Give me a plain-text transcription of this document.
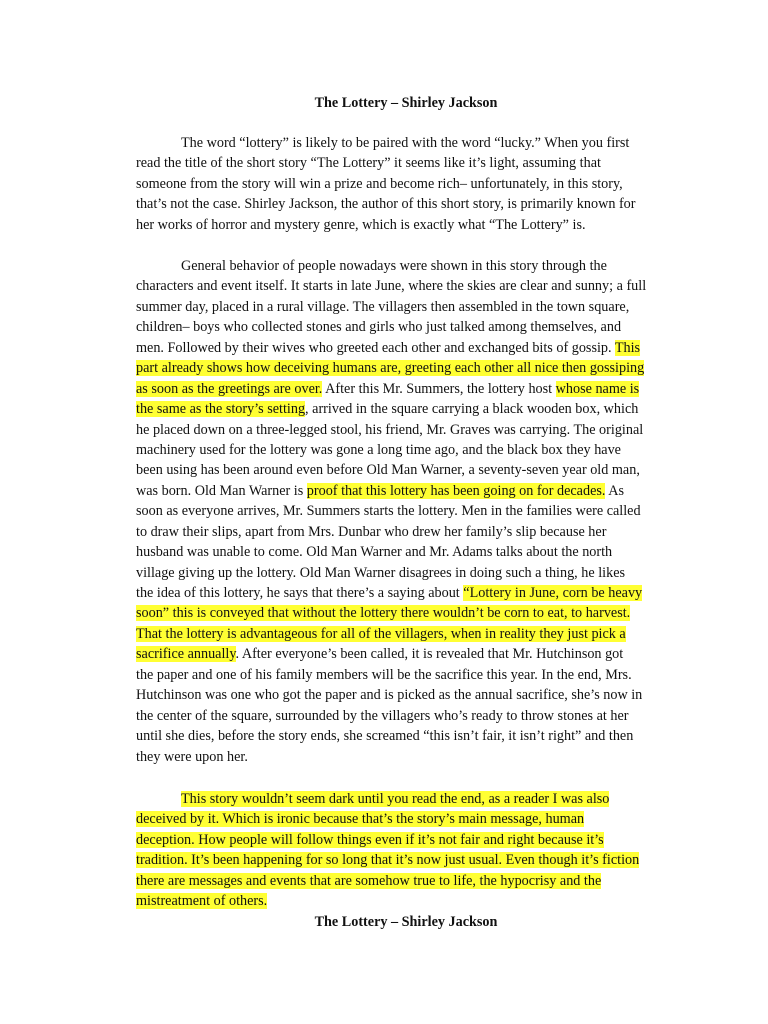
The Lottery – Shirley Jackson
The word “lottery” is likely to be paired with the word “lucky.” When you first
read the title of the short story “The Lottery” it seems like it’s light, assuming that
someone from the story will win a prize and become rich– unfortunately, in this story,
that’s not the case. Shirley Jackson, the author of this short story, is primarily known for
her works of horror and mystery genre, which is exactly what “The Lottery” is.
General behavior of people nowadays were shown in this story through the
characters and event itself. It starts in late June, where the skies are clear and sunny; a full
summer day, placed in a rural village. The villagers then assembled in the town square,
children– boys who collected stones and girls who just talked among themselves, and
men. Followed by their wives who greeted each other and exchanged bits of gossip. This
part already shows how deceiving humans are, greeting each other all nice then gossiping
as soon as the greetings are over. After this Mr. Summers, the lottery host whose name is
the same as the story’s setting, arrived in the square carrying a black wooden box, which
he placed down on a three-legged stool, his friend, Mr. Graves was carrying. The original
machinery used for the lottery was gone a long time ago, and the black box they have
been using has been around even before Old Man Warner, a seventy-seven year old man,
was born. Old Man Warner is proof that this lottery has been going on for decades. As
soon as everyone arrives, Mr. Summers starts the lottery. Men in the families were called
to draw their slips, apart from Mrs. Dunbar who drew her family’s slip because her
husband was unable to come. Old Man Warner and Mr. Adams talks about the north
village giving up the lottery. Old Man Warner disagrees in doing such a thing, he likes
the idea of this lottery, he says that there’s a saying about “Lottery in June, corn be heavy
soon” this is conveyed that without the lottery there wouldn’t be corn to eat, to harvest.
That the lottery is advantageous for all of the villagers, when in reality they just pick a
sacrifice annually. After everyone’s been called, it is revealed that Mr. Hutchinson got
the paper and one of his family members will be the sacrifice this year. In the end, Mrs.
Hutchinson was one who got the paper and is picked as the annual sacrifice, she’s now in
the center of the square, surrounded by the villagers who’s ready to throw stones at her
until she dies, before the story ends, she screamed “this isn’t fair, it isn’t right” and then
they were upon her.
This story wouldn’t seem dark until you read the end, as a reader I was also
deceived by it. Which is ironic because that’s the story’s main message, human
deception. How people will follow things even if it’s not fair and right because it’s
tradition. It’s been happening for so long that it’s now just usual. Even though it’s fiction
there are messages and events that are somehow true to life, the hypocrisy and the
mistreatment of others.
The Lottery – Shirley Jackson
